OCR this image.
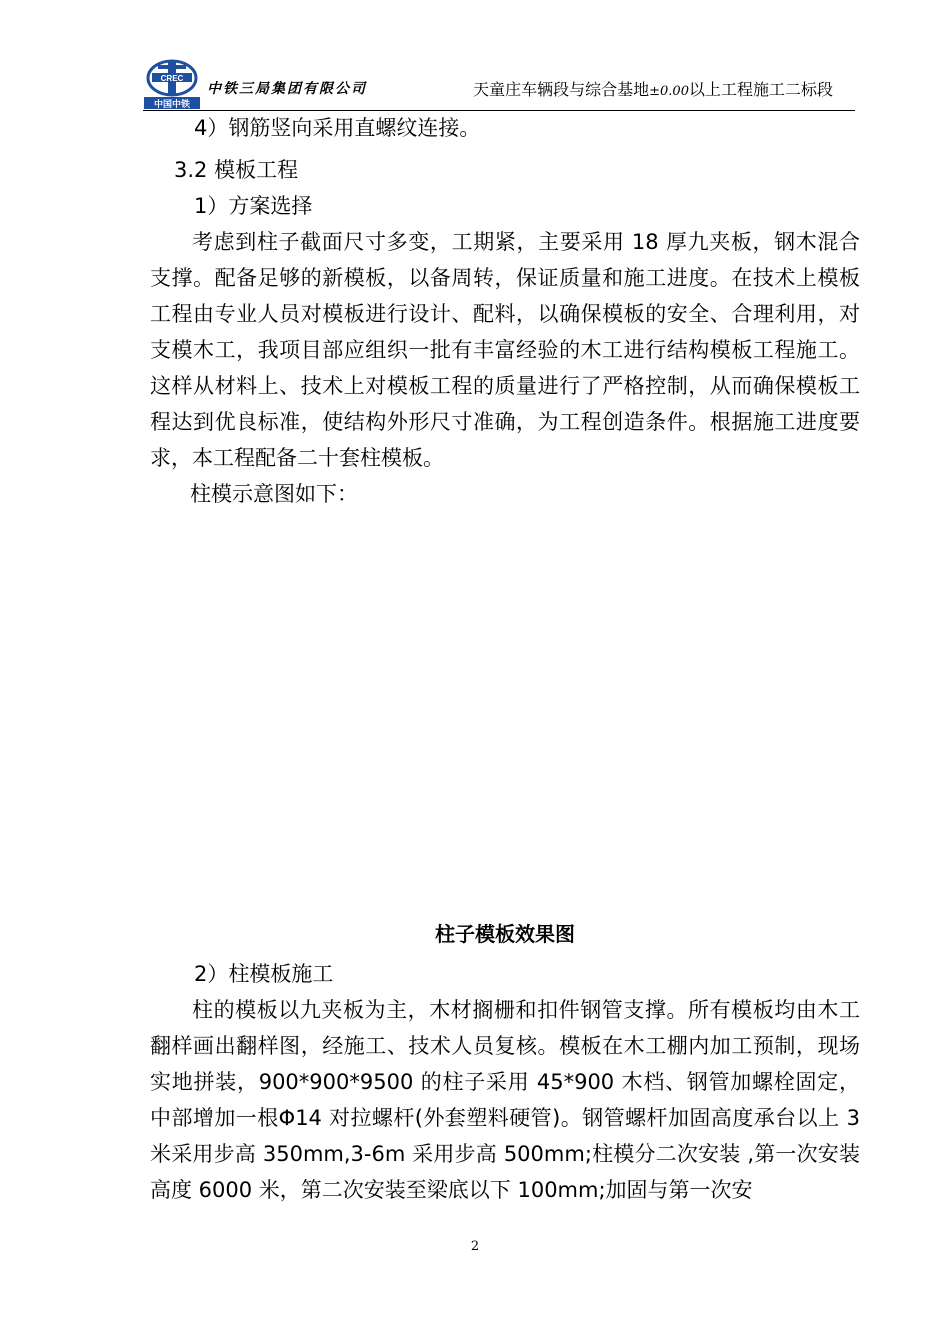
CREC
中国中铁
中铁三局集团有限公司	天童庄车辆段与综合基地±0.00以上工程施工二标段

4）钢筋竖向采用直螺纹连接。

3.2 模板工程

1）方案选择

考虑到柱子截面尺寸多变，工期紧，主要采用 18 厚九夹板，钢木混合支撑。配备足够的新模板，以备周转，保证质量和施工进度。在技术上模板工程由专业人员对模板进行设计、配料，以确保模板的安全、合理利用，对支模木工，我项目部应组织一批有丰富经验的木工进行结构模板工程施工。这样从材料上、技术上对模板工程的质量进行了严格控制，从而确保模板工程达到优良标准，使结构外形尺寸准确，为工程创造条件。根据施工进度要求，本工程配备二十套柱模板。

柱模示意图如下：

柱子模板效果图

2）柱模板施工

柱的模板以九夹板为主，木材搁栅和扣件钢管支撑。所有模板均由木工翻样画出翻样图，经施工、技术人员复核。模板在木工棚内加工预制，现场实地拼装，900*900*9500 的柱子采用 45*900 木档、钢管加螺栓固定，中部增加一根Φ14 对拉螺杆(外套塑料硬管)。钢管螺杆加固高度承台以上 3 米采用步高 350mm,3-6m 采用步高 500mm;柱模分二次安装 ,第一次安装高度 6000 米，第二次安装至梁底以下 100mm;加固与第一次安

2
